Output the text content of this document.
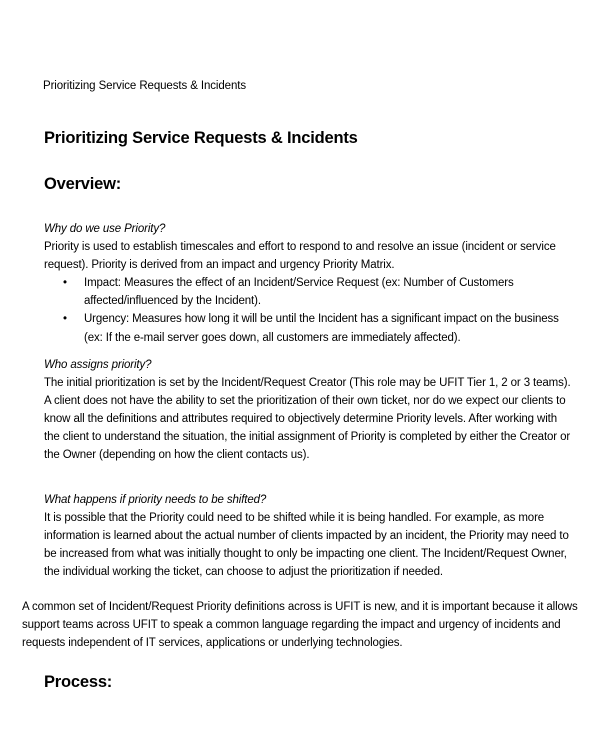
Prioritizing Service Requests & Incidents
Prioritizing Service Requests & Incidents
Overview:
Why do we use Priority?
Priority is used to establish timescales and effort to respond to and resolve an issue (incident or service request). Priority is derived from an impact and urgency Priority Matrix.
• Impact: Measures the effect of an Incident/Service Request (ex: Number of Customers affected/influenced by the Incident).
• Urgency: Measures how long it will be until the Incident has a significant impact on the business (ex: If the e-mail server goes down, all customers are immediately affected).
Who assigns priority?
The initial prioritization is set by the Incident/Request Creator (This role may be UFIT Tier 1, 2 or 3 teams). A client does not have the ability to set the prioritization of their own ticket, nor do we expect our clients to know all the definitions and attributes required to objectively determine Priority levels. After working with the client to understand the situation, the initial assignment of Priority is completed by either the Creator or the Owner (depending on how the client contacts us).
What happens if priority needs to be shifted?
It is possible that the Priority could need to be shifted while it is being handled. For example, as more information is learned about the actual number of clients impacted by an incident, the Priority may need to be increased from what was initially thought to only be impacting one client. The Incident/Request Owner, the individual working the ticket, can choose to adjust the prioritization if needed.
A common set of Incident/Request Priority definitions across is UFIT is new, and it is important because it allows support teams across UFIT to speak a common language regarding the impact and urgency of incidents and requests independent of IT services, applications or underlying technologies.
Process:
